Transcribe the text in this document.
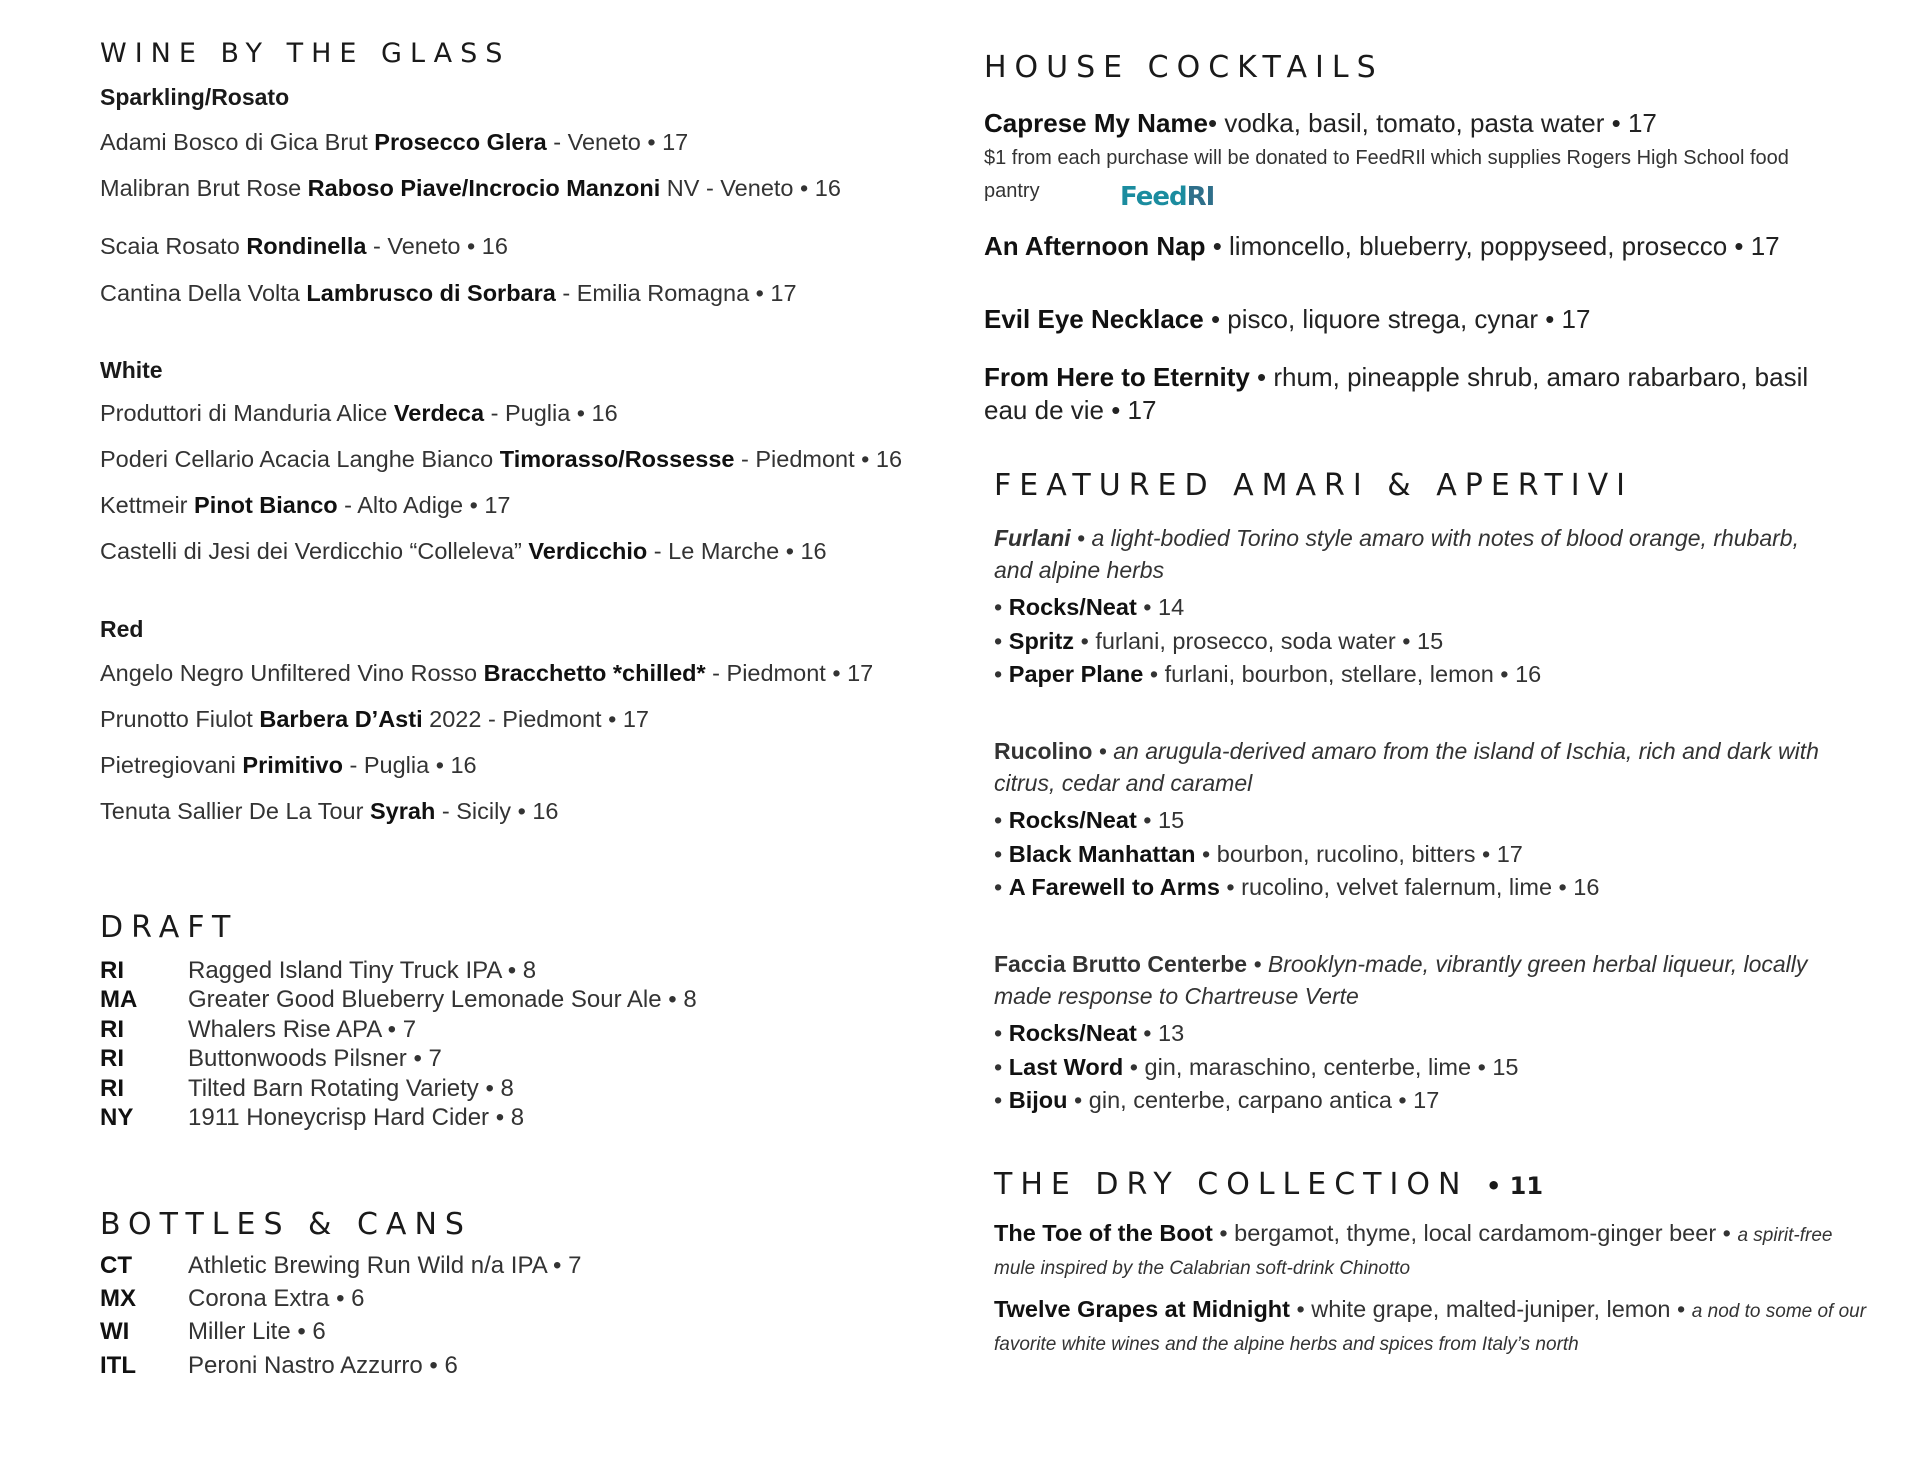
WINE BY THE GLASS
Sparkling/Rosato
Adami Bosco di Gica Brut Prosecco Glera - Veneto • 17
Malibran Brut Rose Raboso Piave/Incrocio Manzoni NV - Veneto • 16
Scaia Rosato Rondinella - Veneto • 16
Cantina Della Volta Lambrusco di Sorbara - Emilia Romagna • 17
White
Produttori di Manduria Alice Verdeca - Puglia • 16
Poderi Cellario Acacia Langhe Bianco Timorasso/Rossesse - Piedmont • 16
Kettmeir Pinot Bianco - Alto Adige • 17
Castelli di Jesi dei Verdicchio “Colleleva” Verdicchio - Le Marche • 16
Red
Angelo Negro Unfiltered Vino Rosso Bracchetto *chilled* - Piedmont • 17
Prunotto Fiulot Barbera D’Asti 2022 - Piedmont • 17
Pietregiovani Primitivo - Puglia • 16
Tenuta Sallier De La Tour Syrah - Sicily • 16
DRAFT
RI	Ragged Island Tiny Truck IPA • 8
MA Greater Good Blueberry Lemonade Sour Ale • 8
RI	Whalers Rise APA • 7
RI	Buttonwoods Pilsner • 7
RI	Tilted Barn Rotating Variety • 8
NY 1911 Honeycrisp Hard Cider • 8
BOTTLES & CANS
CT Athletic Brewing Run Wild n/a IPA • 7
MX Corona Extra • 6
WI Miller Lite • 6
ITL Peroni Nastro Azzurro • 6
HOUSE COCKTAILS
Caprese My Name• vodka, basil, tomato, pasta water • 17
$1 from each purchase will be donated to FeedRIl which supplies Rogers High School food pantry	FeedRI
An Afternoon Nap • limoncello, blueberry, poppyseed, prosecco • 17
Evil Eye Necklace • pisco, liquore strega, cynar • 17
From Here to Eternity • rhum, pineapple shrub, amaro rabarbaro, basil eau de vie • 17
FEATURED AMARI & APERTIVI
Furlani • a light-bodied Torino style amaro with notes of blood orange, rhubarb, and alpine herbs
• Rocks/Neat • 14
• Spritz • furlani, prosecco, soda water • 15
• Paper Plane • furlani, bourbon, stellare, lemon • 16
Rucolino • an arugula-derived amaro from the island of Ischia, rich and dark with citrus, cedar and caramel
• Rocks/Neat • 15
• Black Manhattan • bourbon, rucolino, bitters • 17
• A Farewell to Arms • rucolino, velvet falernum, lime • 16
Faccia Brutto Centerbe • Brooklyn-made, vibrantly green herbal liqueur, locally made response to Chartreuse Verte
• Rocks/Neat • 13
• Last Word • gin, maraschino, centerbe, lime • 15
• Bijou • gin, centerbe, carpano antica • 17
THE DRY COLLECTION • 11
The Toe of the Boot • bergamot, thyme, local cardamom-ginger beer • a spirit-free mule inspired by the Calabrian soft-drink Chinotto
Twelve Grapes at Midnight • white grape, malted-juniper, lemon • a nod to some of our favorite white wines and the alpine herbs and spices from Italy’s north
